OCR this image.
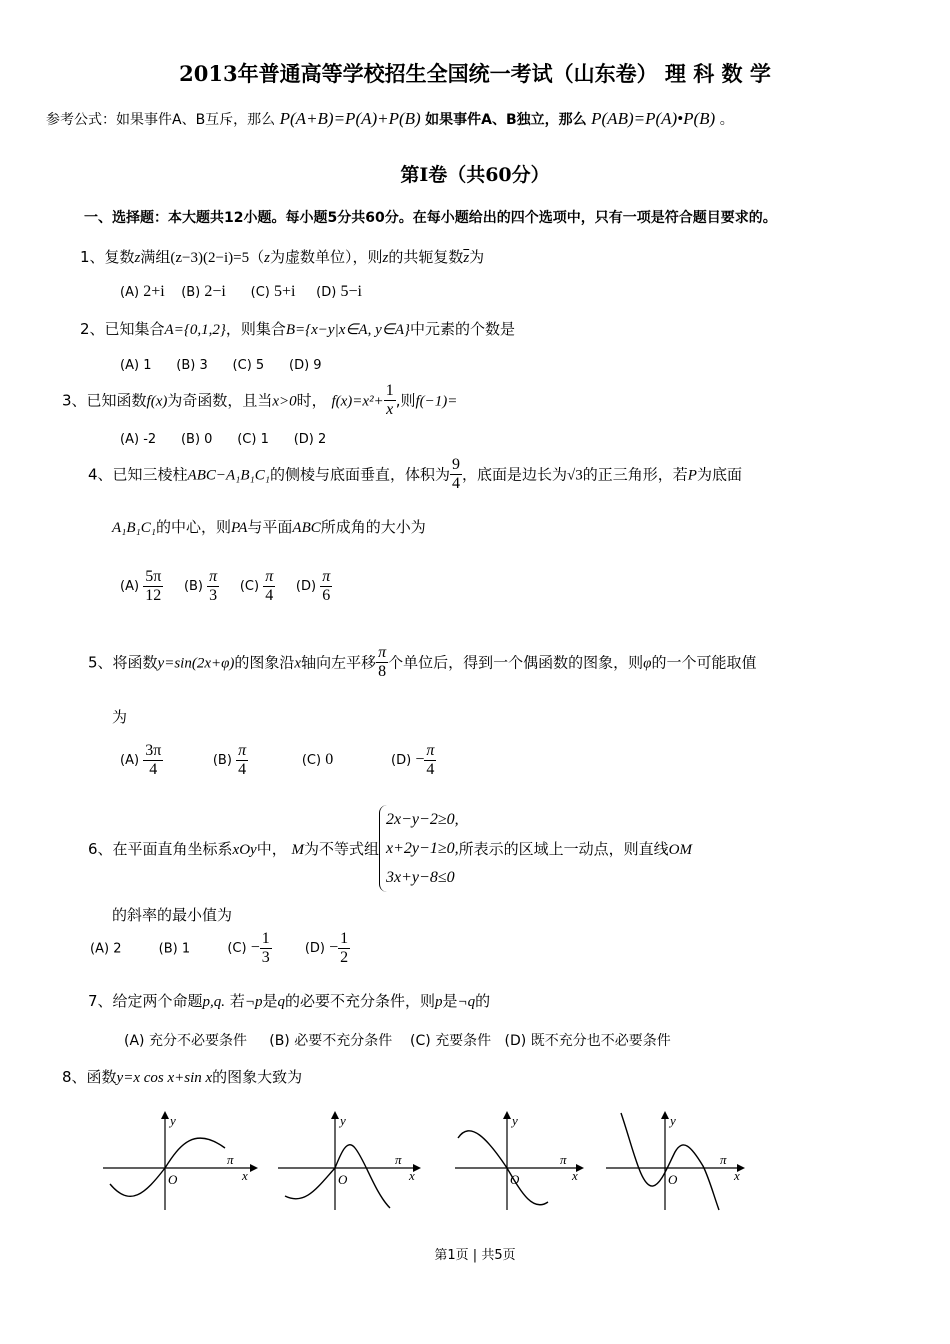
2013年普通高等学校招生全国统一考试（山东卷） 理 科 数 学
参考公式：如果事件A、B互斥，那么 P(A+B)=P(A)+P(B) 如果事件A、B独立，那么 P(AB)=P(A)•P(B) 。
第Ⅰ卷（共60分）
一、选择题：本大题共12小题。每小题5分共60分。在每小题给出的四个选项中，只有一项是符合题目要求的。
1、复数z满组(z−3)(2−i)=5（z为虚数单位），则z的共轭复数$\overline{z}$为
(A) 2+i (B) 2−i (C) 5+i (D) 5−i
2、已知集合A={0,1,2}，则集合B={x−y|x∈A, y∈A}中元素的个数是
(A) 1 (B) 3 (C) 5 (D) 9
3、已知函数f(x)为奇函数，且当x>0时， $f(x)=x^2+ \frac{1}{x}$ ,则f(−1)=
(A) -2 (B) 0 (C) 1 (D) 2
4、已知三棱柱ABC−A₁B₁C₁的侧棱与底面垂直，体积为 $\frac{9}{4}$ ，底面是边长为√3的正三角形，若P为底面
A₁B₁C₁的中心，则PA与平面ABC所成角的大小为
$(A) \frac{5\pi}{12} (B) \frac{\pi}{3} (C) \frac{\pi}{4} (D) \frac{\pi}{6}$
5、将函数y=sin(2x+φ)的图象沿x轴向左平移 $\frac{\pi}{8}$ 个单位后，得到一个偶函数的图象，则φ的一个可能取值
为
$(A) \frac{3\pi}{4}$	$(B) \frac{\pi}{4}$	(C) 0	$(D) - \frac{\pi}{4}$
6、在平面直角坐标系xOy中， M为不等式组
2x−y−2≥0,
x+2y−1≥0,
3x+y−8≤0
所表示的区域上一动点，则直线OM
的斜率的最小值为
(A) 2	(B) 1	$(C) - \frac{1}{3}$	$(D) - \frac{1}{2}$
7、给定两个命题p,q. 若¬p是q的必要不充分条件，则p是¬q的
(A) 充分不必要条件 (B) 必要不充分条件 (C) 充要条件 (D) 既不充分也不必要条件
8、函数y=x cos x+sin x的图象大致为
y
O
π
x
y
O
π
x
y
O
π
x
y
O
π
x
第1页 | 共5页
